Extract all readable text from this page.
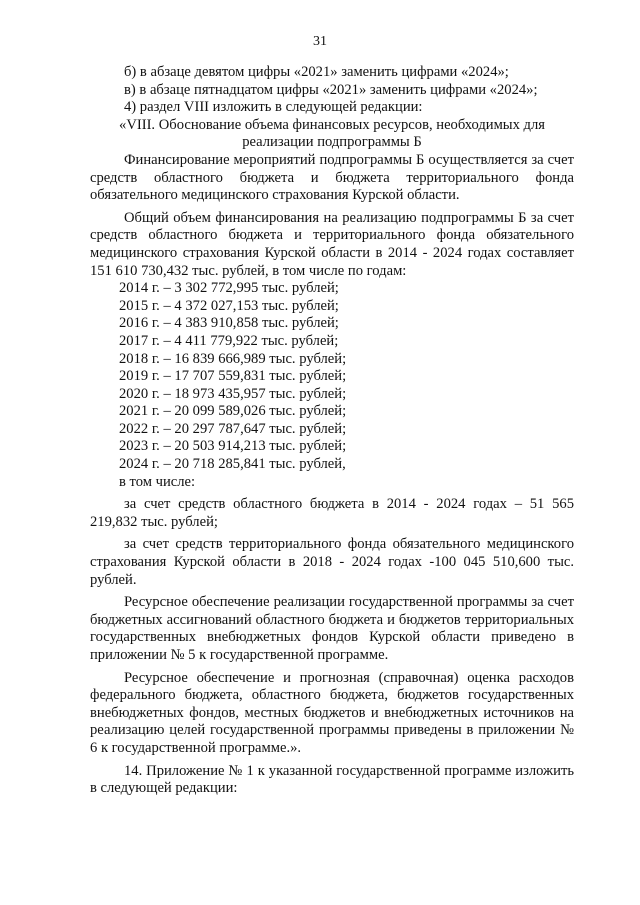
31

б) в абзаце девятом цифры «2021» заменить цифрами «2024»;

в) в абзаце пятнадцатом цифры «2021» заменить цифрами «2024»;

4) раздел VIII изложить в следующей редакции:

«VIII. Обоснование объема финансовых ресурсов, необходимых для

реализации подпрограммы Б

Финансирование мероприятий подпрограммы Б осуществляется за счет средств областного бюджета и бюджета территориального фонда обязательного медицинского страхования Курской области.

Общий объем финансирования на реализацию подпрограммы Б за счет средств областного бюджета и территориального фонда обязательного медицинского страхования Курской области в 2014 - 2024 годах составляет 151 610 730,432 тыс. рублей, в том числе по годам:

2014 г. – 3 302 772,995 тыс. рублей;
2015 г. – 4 372 027,153 тыс. рублей;
2016 г. – 4 383 910,858 тыс. рублей;
2017 г. – 4 411 779,922 тыс. рублей;
2018 г. – 16 839 666,989 тыс. рублей;
2019 г. – 17 707 559,831 тыс. рублей;
2020 г. – 18 973 435,957 тыс. рублей;
2021 г. – 20 099 589,026 тыс. рублей;
2022 г. – 20 297 787,647 тыс. рублей;
2023 г. – 20 503 914,213 тыс. рублей;
2024 г. – 20 718 285,841 тыс. рублей,

в том числе:

за счет средств областного бюджета в 2014 - 2024 годах – 51 565 219,832 тыс. рублей;

за счет средств территориального фонда обязательного медицинского страхования Курской области в 2018 - 2024 годах -100 045 510,600 тыс. рублей.

Ресурсное обеспечение реализации государственной программы за счет бюджетных ассигнований областного бюджета и бюджетов территориальных государственных внебюджетных фондов Курской области приведено в приложении № 5 к государственной программе.

Ресурсное обеспечение и прогнозная (справочная) оценка расходов федерального бюджета, областного бюджета, бюджетов государственных внебюджетных фондов, местных бюджетов и внебюджетных источников на реализацию целей государственной программы приведены в приложении № 6 к государственной программе.».

14. Приложение № 1 к указанной государственной программе изложить в следующей редакции:
